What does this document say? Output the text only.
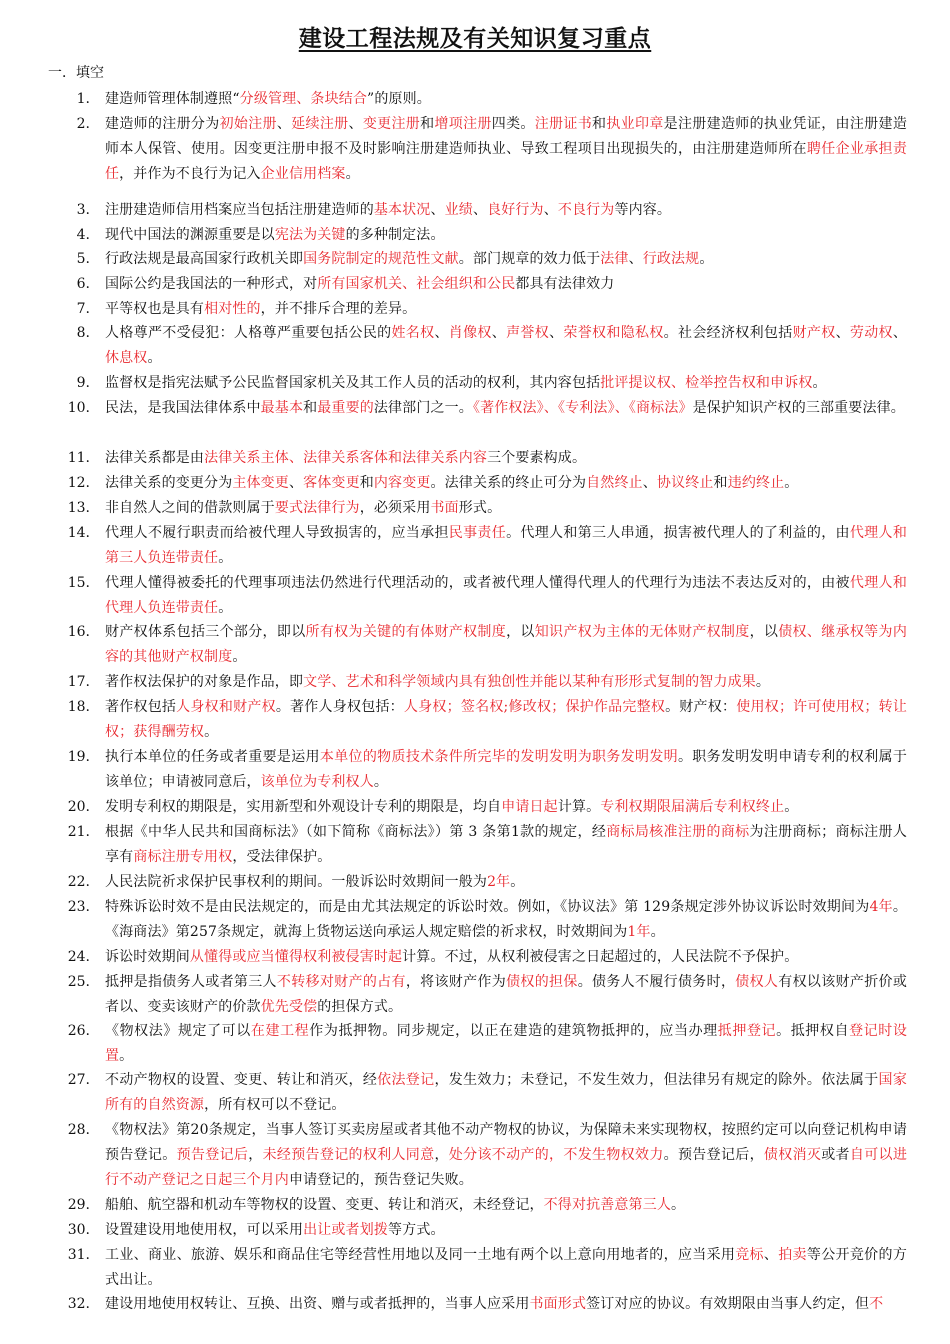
建设工程法规及有关知识复习重点
一．填空
1. 建造师管理体制遵照“分级管理、条块结合”的原则。
2. 建造师的注册分为初始注册、延续注册、变更注册和增项注册四类。注册证书和执业印章是注册建造师的执业凭证，由注册建造师本人保管、使用。因变更注册申报不及时影响注册建造师执业、导致工程项目出现损失的，由注册建造师所在聘任企业承担责任，并作为不良行为记入企业信用档案。
3. 注册建造师信用档案应当包括注册建造师的基本状况、业绩、良好行为、不良行为等内容。
4. 现代中国法的渊源重要是以宪法为关键的多种制定法。
5. 行政法规是最高国家行政机关即国务院制定的规范性文献。部门规章的效力低于法律、行政法规。
6. 国际公约是我国法的一种形式，对所有国家机关、社会组织和公民都具有法律效力
7. 平等权也是具有相对性的，并不排斥合理的差异。
8. 人格尊严不受侵犯：人格尊严重要包括公民的姓名权、肖像权、声誉权、荣誉权和隐私权。社会经济权利包括财产权、劳动权、休息权。
9. 监督权是指宪法赋予公民监督国家机关及其工作人员的活动的权利，其内容包括批评提议权、检举控告权和申诉权。
10. 民法，是我国法律体系中最基本和最重要的法律部门之一。《著作权法》、《专利法》、《商标法》是保护知识产权的三部重要法律。
11. 法律关系都是由法律关系主体、法律关系客体和法律关系内容三个要素构成。
12. 法律关系的变更分为主体变更、客体变更和内容变更。法律关系的终止可分为自然终止、协议终止和违约终止。
13. 非自然人之间的借款则属于要式法律行为，必须采用书面形式。
14. 代理人不履行职责而给被代理人导致损害的，应当承担民事责任。代理人和第三人串通，损害被代理人的了利益的，由代理人和第三人负连带责任。
15. 代理人懂得被委托的代理事项违法仍然进行代理活动的，或者被代理人懂得代理人的代理行为违法不表达反对的，由被代理人和代理人负连带责任。
16. 财产权体系包括三个部分，即以所有权为关键的有体财产权制度，以知识产权为主体的无体财产权制度，以债权、继承权等为内容的其他财产权制度。
17. 著作权法保护的对象是作品，即文学、艺术和科学领域内具有独创性并能以某种有形形式复制的智力成果。
18. 著作权包括人身权和财产权。著作人身权包括：人身权；签名权;修改权；保护作品完整权。财产权：使用权；许可使用权；转让权；获得酬劳权。
19. 执行本单位的任务或者重要是运用本单位的物质技术条件所完毕的发明发明为职务发明发明。职务发明发明申请专利的权利属于该单位；申请被同意后，该单位为专利权人。
20. 发明专利权的期限是，实用新型和外观设计专利的期限是，均自申请日起计算。专利权期限届满后专利权终止。
21. 根据《中华人民共和国商标法》（如下简称《商标法》）第 3 条第1款的规定，经商标局核准注册的商标为注册商标；商标注册人享有商标注册专用权，受法律保护。
22. 人民法院祈求保护民事权利的期间。一般诉讼时效期间一般为2年。
23. 特殊诉讼时效不是由民法规定的，而是由尤其法规定的诉讼时效。例如，《协议法》第 129条规定涉外协议诉讼时效期间为4年。《海商法》第257条规定，就海上货物运送向承运人规定赔偿的祈求权，时效期间为1年。
24. 诉讼时效期间从懂得或应当懂得权利被侵害时起计算。不过，从权利被侵害之日起超过的，人民法院不予保护。
25. 抵押是指债务人或者第三人不转移对财产的占有，将该财产作为债权的担保。债务人不履行债务时，债权人有权以该财产折价或者以、变卖该财产的价款优先受偿的担保方式。
26. 《物权法》规定了可以在建工程作为抵押物。同步规定，以正在建造的建筑物抵押的，应当办理抵押登记。抵押权自登记时设置。
27. 不动产物权的设置、变更、转让和消灭，经依法登记，发生效力；未登记，不发生效力，但法律另有规定的除外。依法属于国家所有的自然资源，所有权可以不登记。
28. 《物权法》第20条规定，当事人签订买卖房屋或者其他不动产物权的协议，为保障未来实现物权，按照约定可以向登记机构申请预告登记。预告登记后，未经预告登记的权利人同意，处分该不动产的，不发生物权效力。预告登记后，债权消灭或者自可以进行不动产登记之日起三个月内申请登记的，预告登记失败。
29. 船舶、航空器和机动车等物权的设置、变更、转让和消灭，未经登记，不得对抗善意第三人。
30. 设置建设用地使用权，可以采用出让或者划拨等方式。
31. 工业、商业、旅游、娱乐和商品住宅等经营性用地以及同一土地有两个以上意向用地者的，应当采用竞标、拍卖等公开竞价的方式出让。
32. 建设用地使用权转让、互换、出资、赠与或者抵押的，当事人应采用书面形式签订对应的协议。有效期限由当事人约定，但不
